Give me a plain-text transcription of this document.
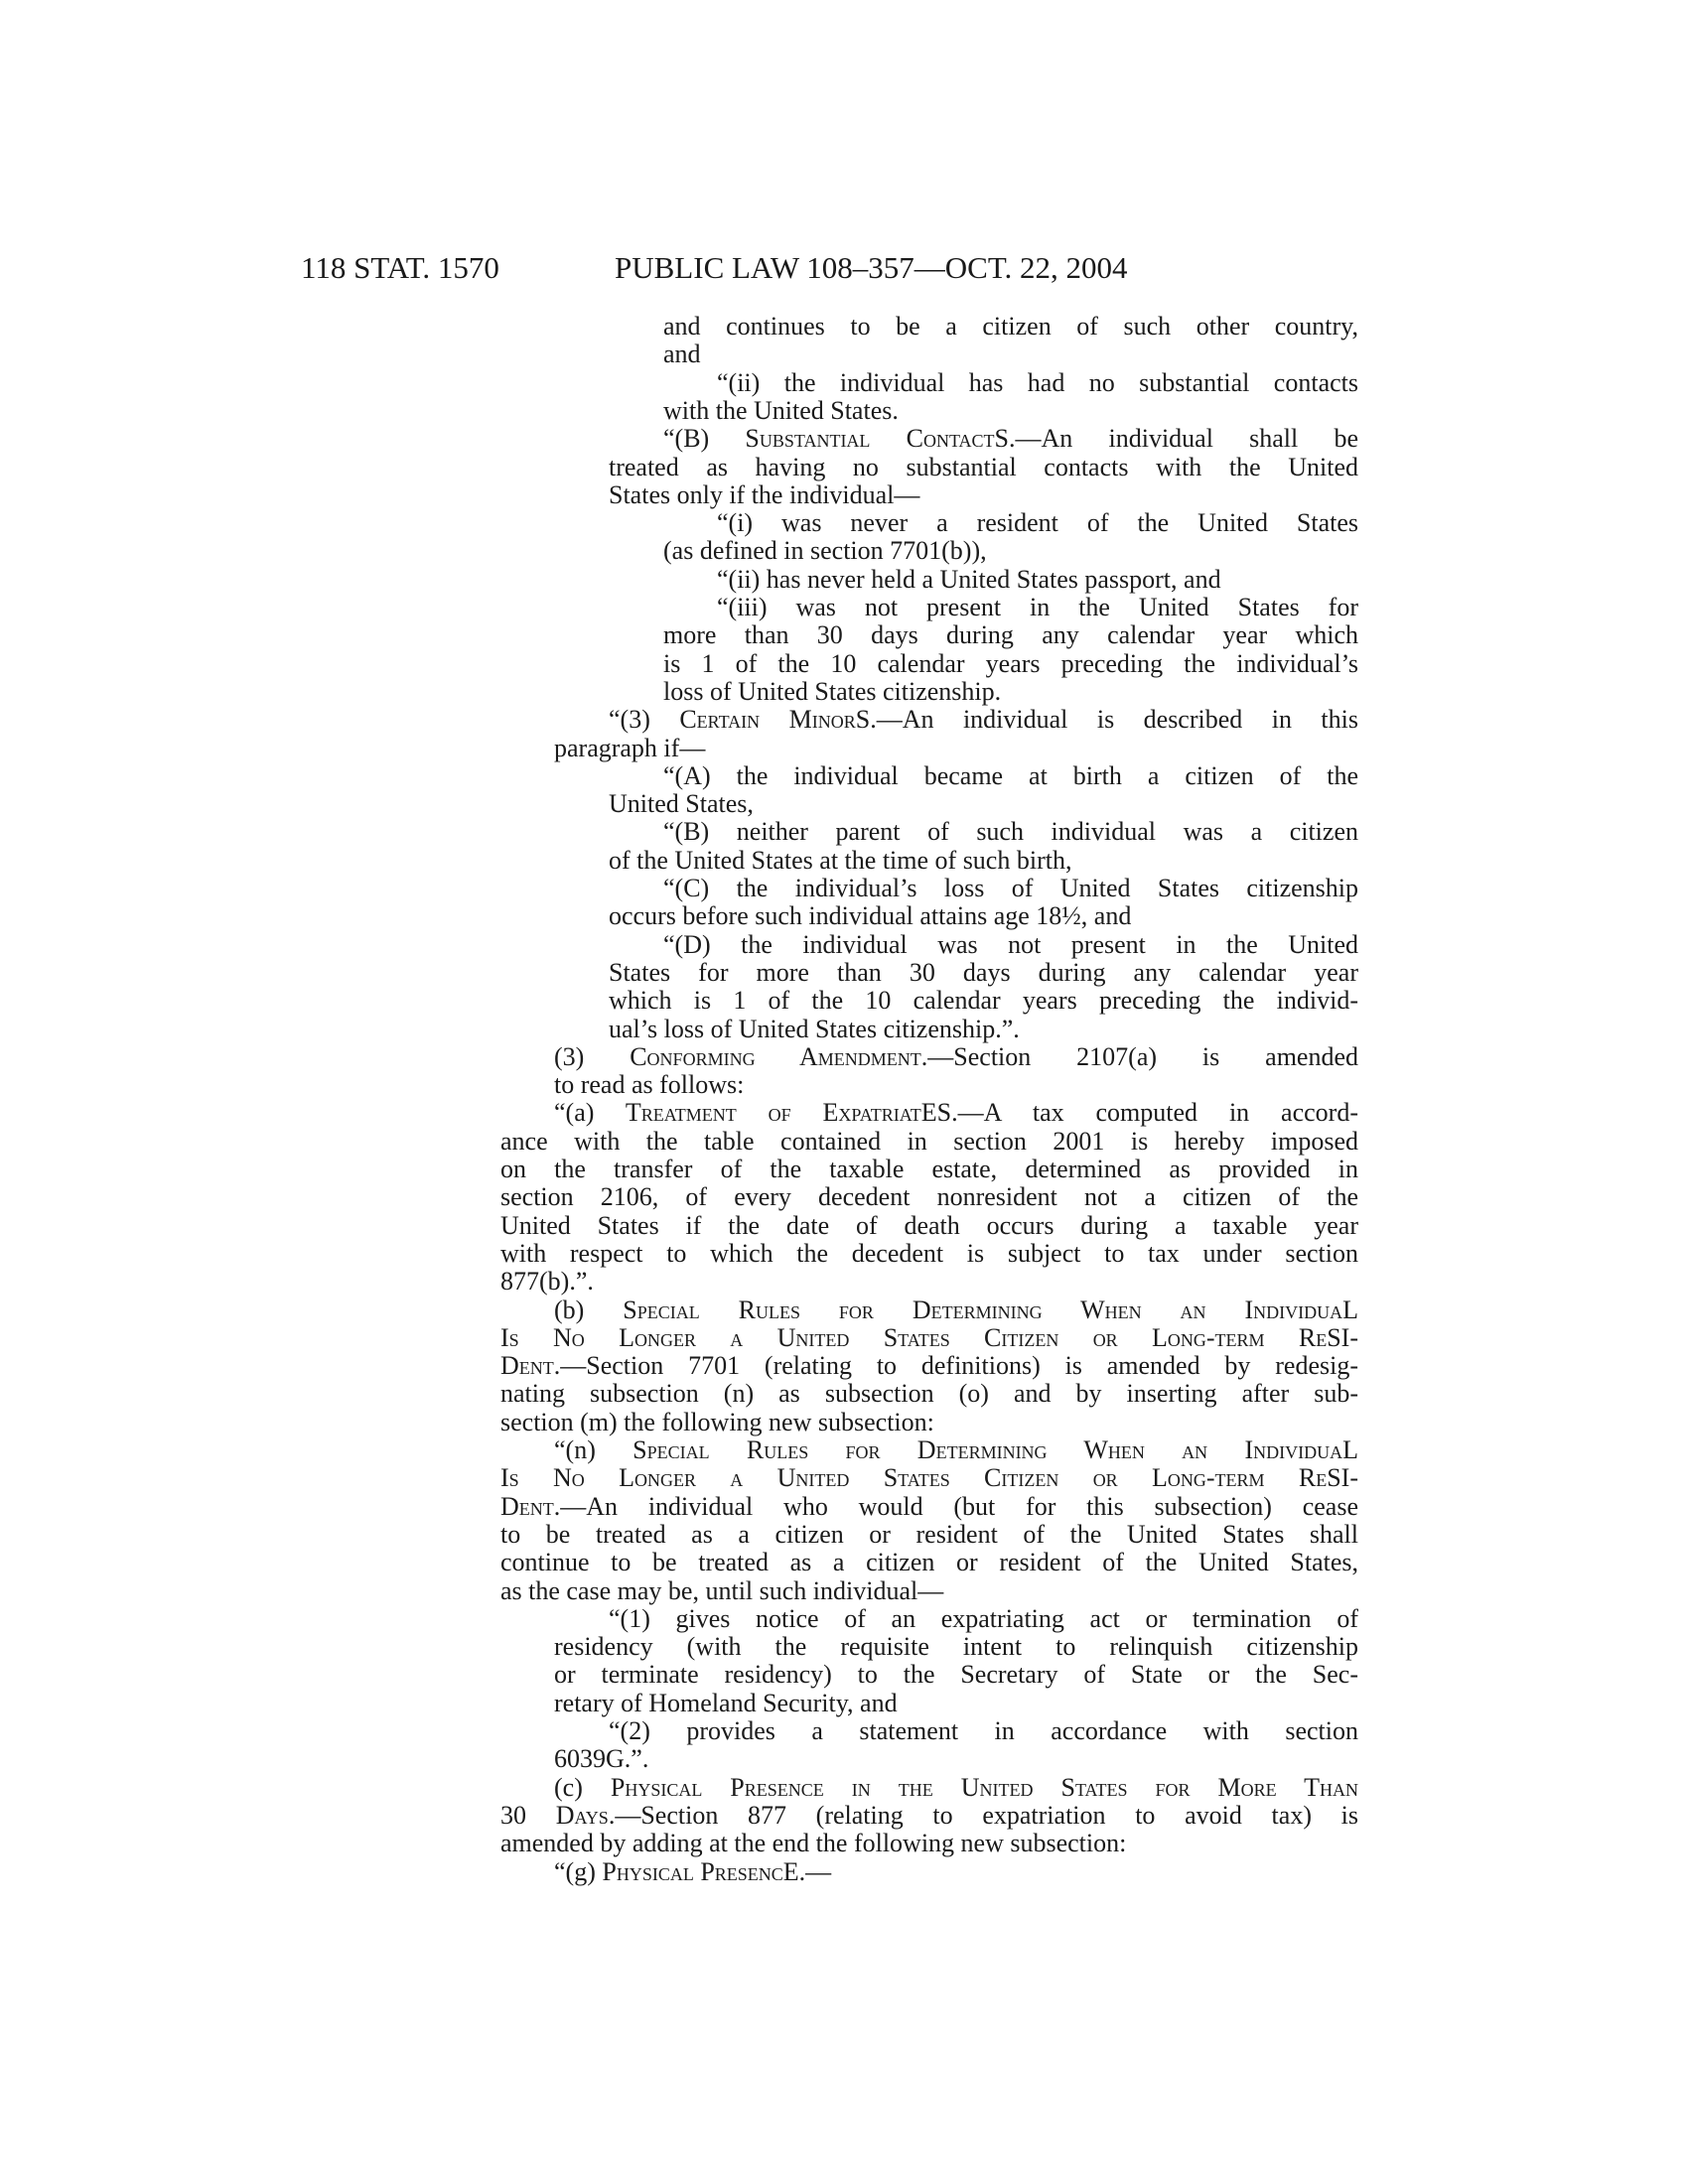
118 STAT. 1570	PUBLIC LAW 108–357—OCT. 22, 2004
and continues to be a citizen of such other country,
and
“(ii) the individual has had no substantial contacts
with the United States.
“(B) Substantial ContactS.—An individual shall be
treated as having no substantial contacts with the United
States only if the individual—
“(i) was never a resident of the United States
(as defined in section 7701(b)),
“(ii) has never held a United States passport, and
“(iii) was not present in the United States for
more than 30 days during any calendar year which
is 1 of the 10 calendar years preceding the individual’s
loss of United States citizenship.
“(3) Certain MinorS.—An individual is described in this
paragraph if—
“(A) the individual became at birth a citizen of the
United States,
“(B) neither parent of such individual was a citizen
of the United States at the time of such birth,
“(C) the individual’s loss of United States citizenship
occurs before such individual attains age 18½, and
“(D) the individual was not present in the United
States for more than 30 days during any calendar year
which is 1 of the 10 calendar years preceding the individ-
ual’s loss of United States citizenship.”.
(3) Conforming Amendment.—Section 2107(a) is amended
to read as follows:
“(a) Treatment of ExpatriatES.—A tax computed in accord-
ance with the table contained in section 2001 is hereby imposed
on the transfer of the taxable estate, determined as provided in
section 2106, of every decedent nonresident not a citizen of the
United States if the date of death occurs during a taxable year
with respect to which the decedent is subject to tax under section
877(b).”.
(b) Special Rules for Determining When an IndividuaL
Is No Longer a United States Citizen or Long-term ReSI-
Dent.—Section 7701 (relating to definitions) is amended by redesig-
nating subsection (n) as subsection (o) and by inserting after sub-
section (m) the following new subsection:
“(n) Special Rules for Determining When an IndividuaL
Is No Longer a United States Citizen or Long-term ReSI-
Dent.—An individual who would (but for this subsection) cease
to be treated as a citizen or resident of the United States shall
continue to be treated as a citizen or resident of the United States,
as the case may be, until such individual—
“(1) gives notice of an expatriating act or termination of
residency (with the requisite intent to relinquish citizenship
or terminate residency) to the Secretary of State or the Sec-
retary of Homeland Security, and
“(2) provides a statement in accordance with section
6039G.”.
(c) Physical Presence in the United States for More Than
30 Days.—Section 877 (relating to expatriation to avoid tax) is
amended by adding at the end the following new subsection:
“(g) Physical PresencE.—
